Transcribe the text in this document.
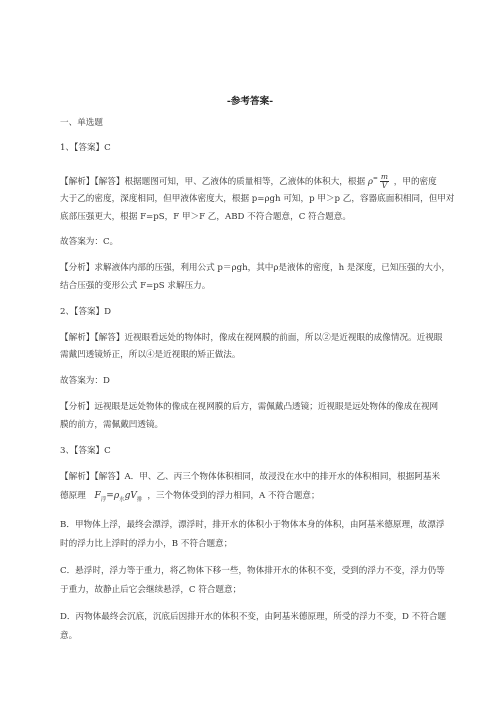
-参考答案-
一、单选题
1、【答案】C
【解析】【解答】根据题图可知，甲、乙液体的质量相等，乙液体的体积大，根据 $\rho^= \frac{m}{V}$ ，甲的密度
大于乙的密度，深度相同，但甲液体密度大，根据 p=ρgh 可知，p 甲＞p 乙，容器底面积相同，但甲对
底部压强更大，根据 F=pS，F 甲＞F 乙，ABD 不符合题意，C 符合题意。
故答案为：C。
【分析】求解液体内部的压强，利用公式 p＝ρgh，其中ρ是液体的密度，h 是深度，已知压强的大小，
结合压强的变形公式 F=pS 求解压力。
2、【答案】D
【解析】【解答】近视眼看远处的物体时，像成在视网膜的前面，所以②是近视眼的成像情况。近视眼
需戴凹透镜矫正，所以④是近视眼的矫正做法。
故答案为：D
【分析】远视眼是远处物体的像成在视网膜的后方，需佩戴凸透镜；近视眼是远处物体的像成在视网
膜的前方，需佩戴凹透镜。
3、【答案】C
【解析】【解答】A．甲、乙、丙三个物体体积相同，故浸没在水中的排开水的体积相同，根据阿基米
德原理 $F_浮=\rho_水gV_排$ ，三个物体受到的浮力相同，A 不符合题意；
B．甲物体上浮，最终会漂浮，漂浮时，排开水的体积小于物体本身的体积，由阿基米德原理，故漂浮
时的浮力比上浮时的浮力小，B 不符合题意；
C．悬浮时，浮力等于重力，将乙物体下移一些，物体排开水的体积不变，受到的浮力不变，浮力仍等
于重力，故静止后它会继续悬浮，C 符合题意；
D．丙物体最终会沉底，沉底后因排开水的体积不变，由阿基米德原理，所受的浮力不变，D 不符合题
意。
